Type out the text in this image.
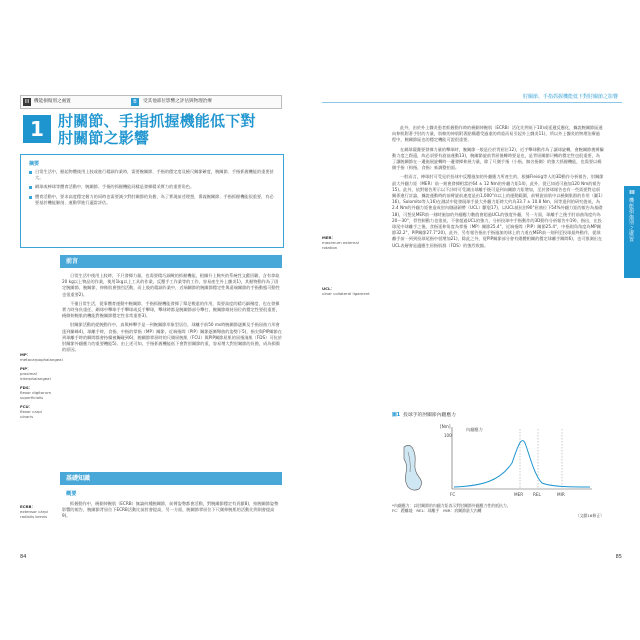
III	機能損傷別之處置	B	受其他部位影響之評估與物理治療
1 肘關節、手指抓握機能低下對
肘關節之影響
摘要
日常生活中，握起物體使用上肢或進行精細作業時，需要腕關節、手指的穩定度及橈尺關節確度，腕關節、手指抓握機能的重要甚大。
網球或棒球等體育活動中，腕關節、手指的抓握機能同樣是發揮精采實力的重要角色。
體育活動中，要求高度穩定握力的同時也需要減少對肘關節的負擔，為了實現前述理想，番義腕關節、手指抓握機能很重要，有必要基於機能解剖、運動學進行適當評估。
前言
日常生活中使用上肢時，不只發揮力量，也需要精巧細緻的抓握機能，根據升上腕夾的系統性文獻回顧，含有拿取20 kg以上物品的作業，使用1kg以上工具的作業，反覆手工作業等的工作，容易產生外上髁炎1)，其握物動作為了固定腕關節、腕關節，伸拗肌會強烈活動，而上肢的精細作業中，近端關節的腕關節穩定性與遠端關節的手指動態可動性也很重要2)。
不僅日常生活，從事體育運動中腕關節，手指抓握機能發揮了舉足輕重的作用，需要高度的精巧細緻度，也在發揮實力時身負重任，網球中擊球手手擊球或反手擊球，擊球時都是腕關節部分擊打，腕關節維持屈位的穩定性要很重要，橈側伸腕肌的機能對腕關節穩定性非常重要3)。
肘關節活動的從腕動作中，真與棒擊手是一到腕關節形象型居位，球離手前50 ms時腕關節逐漸及手指屈曲力形會達到巔峰4)，球離手時，食指，中指的掌指（MP）關節，近端指間（PIP）關節逐漸彎曲的姿勢下5)，指尖與PIP關節在到球離手時的瞬間都會持續被觸碰到6)，腕關節掌屈時的尺側屈腕肌（FCU）與PIP關節屈肌的屈指淺肌（FDS）可抗於肘關節外翻應力的重要機能5)。由上述可知，手指抓握機能低下會對肘關節的重，容易增大對肘關節的負擔，成為損傷的原因。
MP：
metacarpophalangeal
PIP：
proximal interphalangeal
FDS：
flexor digitorum superficialis
FCU：
flexor carpi ulnaris
基礎知識
概要
抓握動作中，橈側伸腕肌（ECRB）無論何種腕關節，前臂姿勢都會活動，對腕關節穩定有貢獻8)，按腕關節姿勢影響的報告，腕關節背屈位下ECRB活動比前肘會提高，另一方面，腕關節掌屈位下尺側伸腕肌的活動比例則會提高9)。
ECRB：
extensor carpi radialis brevis
84
肘關節、手指抓握機能低下對肘關節之影響
此外，由於外上髁炎患者抓握動作時的橈側伸腕肌（ECRB）活化比例低下10)或延遲反應化，據說腕關節區通向伸肌附著手肘的力量，肌軟的伸肌附著點構遭受過重的荷重而易引起外上髁炎11)，所以外上髁炎的物理治療過程中，腕關節區也的穩定機能可說很重要。
在網球競賽要發揮力量的擊球時，腕關節一般是位於背屈位12)，近手擊球動作為了讓球旋轉，會腕關節挽臂驅動力度之際還，故必須要有旋前運動13)，腕關節旋前背屈後轉時要是也，是背屈關節只轉的穩定性也很重要，為了讓腕關節在一邊施展旋轉時一邊發揮伸展力量，除了尺側手指（小指，無名指側）的強大抓握機能，也需要以橈側手指（拇指，食指）來調整拍面。
一般而言，棒球肘可受見於投球中反覆施加的外翻應力所產生的，根據Fleisig等人的3D動作分析報告，肘關節最大外翻力矩（MER）前一刻會發揮相當於64 ± 12 Nm的外翻力矩14)，此外，從已知道可施加120 Nm的報告15)。此外，依對報告所示以不計時可受測出球離手後可是到向關節力矩增加，至於發球報告也有一些需要對這項關係進行討論，據說運動時的前臂旋前速度是由1,000°/s以上的運動範圍，前臂旋前肌中以橈側肌群的作用（圖1）16)。Solomito等人16)在測試中從發現球手最大外翻力矩時大約為33.7 ± 10.8 Nm，同等達到的研究值低，為2.4 Nm的外翻力矩會造成肘內側副韌帶（UCL）斷裂17)，以UCL抵抗肘90°屈曲位下54%外翻力矩的報告為基礎18)，可想見MER前一刻時施加的外翻應力數值會超過UCL的強度外翻，另一方面，球離手之後手肘前曲角度約為20～30°，骨性制動力也很低，不會超過UCL的強力，分析投球中手指動作的3D動作分析報告中19)，指出，在投球尾中球離手之後，食指延伸角度為掌指（MP）關節25.4°，近端指間（PIP）關節25.4°，中指則角角度為MP關節32.2°，PIP關節27.7°20)，此外，另有報告指出手指施加的球上的力道在MER前一刻到至投球最終動作，從球離手前一到到投球尾指中很增加21)，除此之外，從PIP關節部分會有總體相關的穩定球離手瞬間6)，也可推測出在UCL表層會是適應生屈指肌群（FDS）的強烈收縮。
MER：
maximum external rotation
UCL：
ulnar collateral ligament
圖1 投球手的肘關節內翻應力
[Nm]
100
內翻應力
FC	MER REL	MIR
*內翻應力：以肘關節的內翻力矩表示對肘關節外翻應力性的抵抗力。
FC：蹬離地　REL：球離手　MIR：肩關節最大內轉
（文獻16修正）
85
III
機能損傷別之處置
